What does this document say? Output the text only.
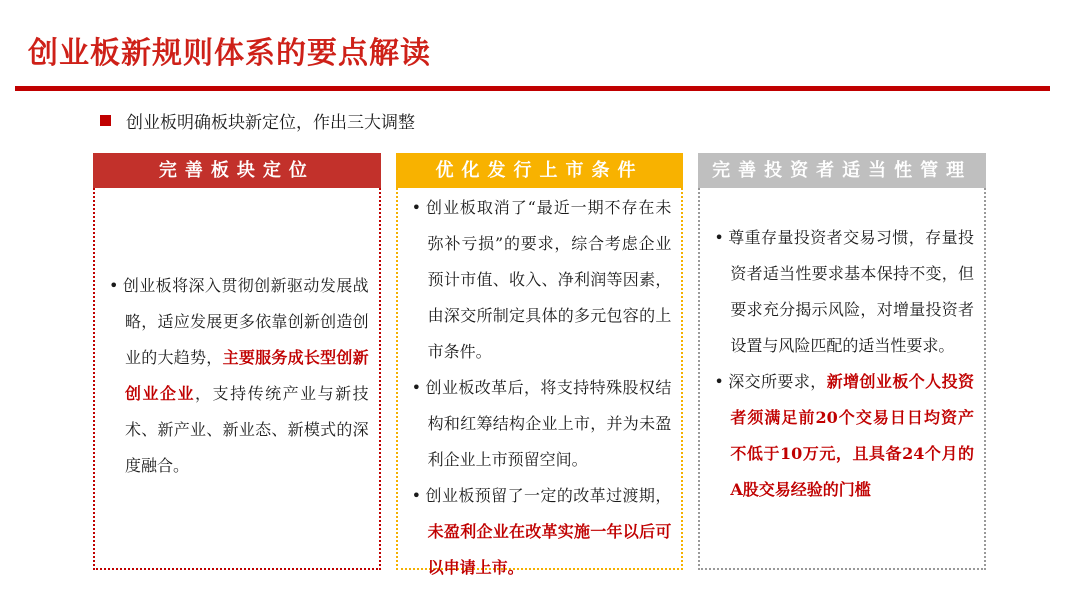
创业板新规则体系的要点解读
创业板明确板块新定位，作出三大调整
完善板块定位
• 创业板将深入贯彻创新驱动发展战略，适应发展更多依靠创新创造创业的大趋势，主要服务成长型创新创业企业，支持传统产业与新技术、新产业、新业态、新模式的深度融合。
优化发行上市条件
• 创业板取消了“最近一期不存在未弥补亏损”的要求，综合考虑企业预计市值、收入、净利润等因素，由深交所制定具体的多元包容的上市条件。
• 创业板改革后，将支持特殊股权结构和红筹结构企业上市，并为未盈利企业上市预留空间。
• 创业板预留了一定的改革过渡期，未盈利企业在改革实施一年以后可以申请上市。
完善投资者适当性管理
• 尊重存量投资者交易习惯，存量投资者适当性要求基本保持不变，但要求充分揭示风险，对增量投资者设置与风险匹配的适当性要求。
• 深交所要求，新增创业板个人投资者须满足前20个交易日日均资产不低于10万元，且具备24个月的A股交易经验的门槛
